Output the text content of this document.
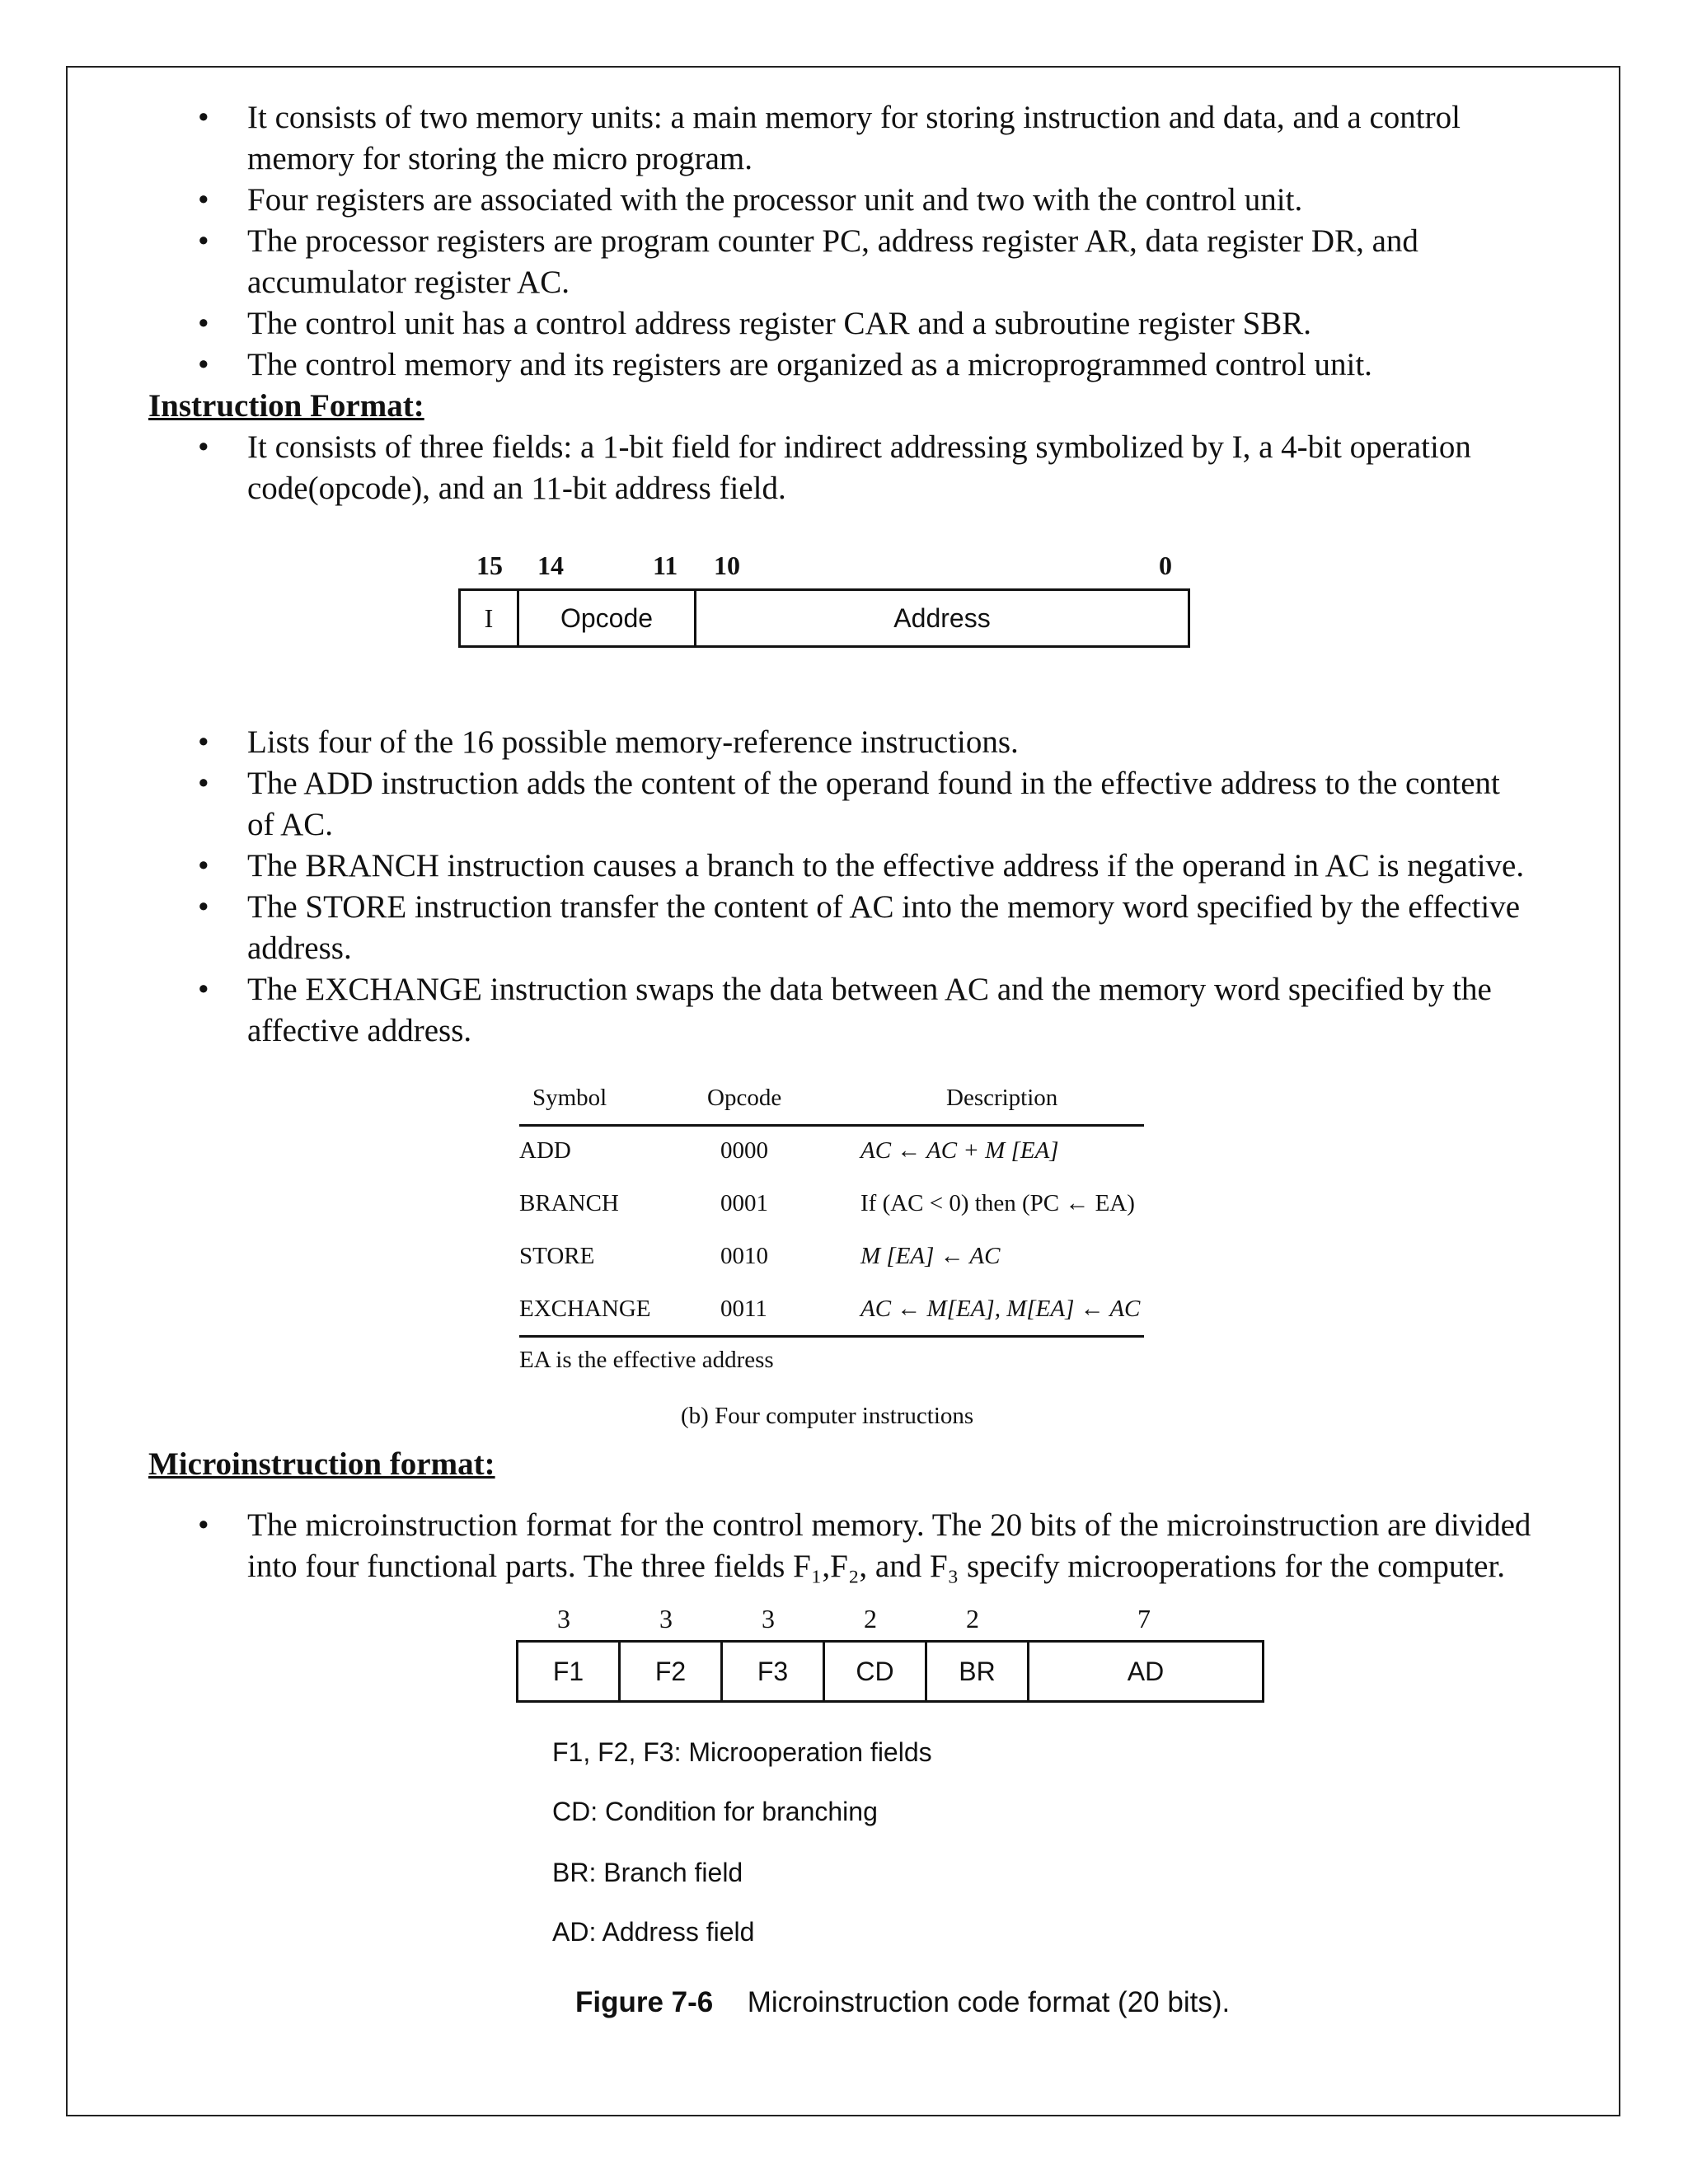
• It consists of two memory units: a main memory for storing instruction and data, and a control
memory for storing the micro program.
• Four registers are associated with the processor unit and two with the control unit.
• The processor registers are program counter PC, address register AR, data register DR, and
accumulator register AC.
• The control unit has a control address register CAR and a subroutine register SBR.
• The control memory and its registers are organized as a microprogrammed control unit.
Instruction Format:
• It consists of three fields: a 1-bit field for indirect addressing symbolized by I, a 4-bit operation
code(opcode), and an 11-bit address field.
15 14	11 10	0
I	Opcode	Address
• Lists four of the 16 possible memory-reference instructions.
• The ADD instruction adds the content of the operand found in the effective address to the content
of AC.
• The BRANCH instruction causes a branch to the effective address if the operand in AC is negative.
• The STORE instruction transfer the content of AC into the memory word specified by the effective
address.
• The EXCHANGE instruction swaps the data between AC and the memory word specified by the
affective address.
Symbol	Opcode	Description
ADD	0000	AC ← AC + M [EA]
BRANCH	0001	If (AC < 0) then (PC ← EA)
STORE	0010	M [EA] ← AC
EXCHANGE	0011	AC ← M[EA], M[EA] ← AC
EA is the effective address
(b) Four computer instructions
Microinstruction format:
• The microinstruction format for the control memory. The 20 bits of the microinstruction are divided
into four functional parts. The three fields F₁,F₂, and F₃ specify microoperations for the computer.
3	3	3	2	2	7
F1	F2	F3	CD	BR	AD
F1, F2, F3: Microoperation fields
CD: Condition for branching
BR: Branch field
AD: Address field
Figure 7-6 Microinstruction code format (20 bits).
